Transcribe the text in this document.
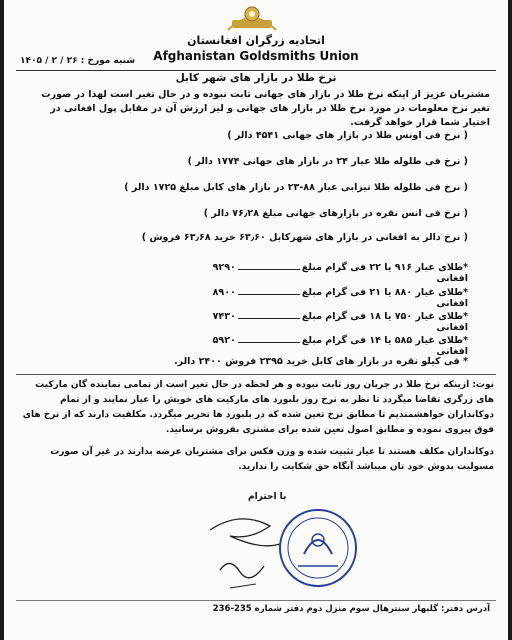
اتحادیه زرگران افغانستان
Afghanistan Goldsmiths Union
شنبه مورخ : ۲۶ / ۲ / ۱۴۰۵
نرخ طلا در بازار های شهر کابل
مشتریان عزیز از اینکه نرخ طلا در بازار های جهانی ثابت نبوده و در حال تغیر است لهذا در صورت تغیر نرخ معلومات در مورد نرخ طلا در بازار های جهانی و لیز ارزش آن در مقابل پول افغانی در اختیار شما قرار خواهد گرفت.
( نرخ فی اونس طلا در بازار های جهانی ۴۵۴۱ دالر )
( نرخ فی طلوله طلا عیار ۲۴ در بازار های جهانی ۱۷۷۴ دالر )
( نرخ فی طلوله طلا تیزابی عیار ۸۸-۲۳ در بازار های کابل مبلغ ۱۷۲۵ دالر )
( نرخ فی انس نقره در بازارهای جهانی مبلغ ۷۶٫۲۸ دالر )
( نرخ دالر به افغانی در بازار های شهرکابل ۶۳٫۶۰ خرید ۶۳٫۶۸ فروش )
*طلای عیار ۹۱۶ یا ۲۲ فی گرام مبلغ۹۲۹۰ افغانی
*طلای عیار ۸۸۰ یا ۲۱ فی گرام مبلغ۸۹۰۰ افغانی
*طلای عیار ۷۵۰ یا ۱۸ فی گرام مبلغ۷۴۳۰ افغانی
*طلای عیار ۵۸۵ یا ۱۴ فی گرام مبلغ۵۹۲۰ افغانی
* فی کیلو نقره در بازار های کابل خرید ۲۳۹۵ فروش ۲۴۰۰ دالر.
نوت: ازینکه نرخ طلا در جریان روز ثابت نبوده و هر لحظه در حال تغیر است از تمامی نماینده گان مارکیت های زرگری تقاضا میگردد تا نظر به نرخ روز بلبورد های مارکیت های خویش را عیار نمایند و از تمام دوکانداران خواهشمندیم تا مطابق نرخ تعین شده که در بلبورد ها تحریر میگردد. مکلفیت دارند که از نرخ های فوق پیروی نموده و مطابق اصول تعین شده برای مشتری بفروش برسانید.
دوکانداران مکلف هستند تا عیار تثبیت شده و وزن فکس برای مشتریان عرضه بدارند در غیر آن صورت مسولیت بدوش خود تان میباشد آنگاه حق شکایت را ندارید.
با احترام
آدرس دفتر: گلبهار سنترهال سوم منزل دوم دفتر شماره 235-236
